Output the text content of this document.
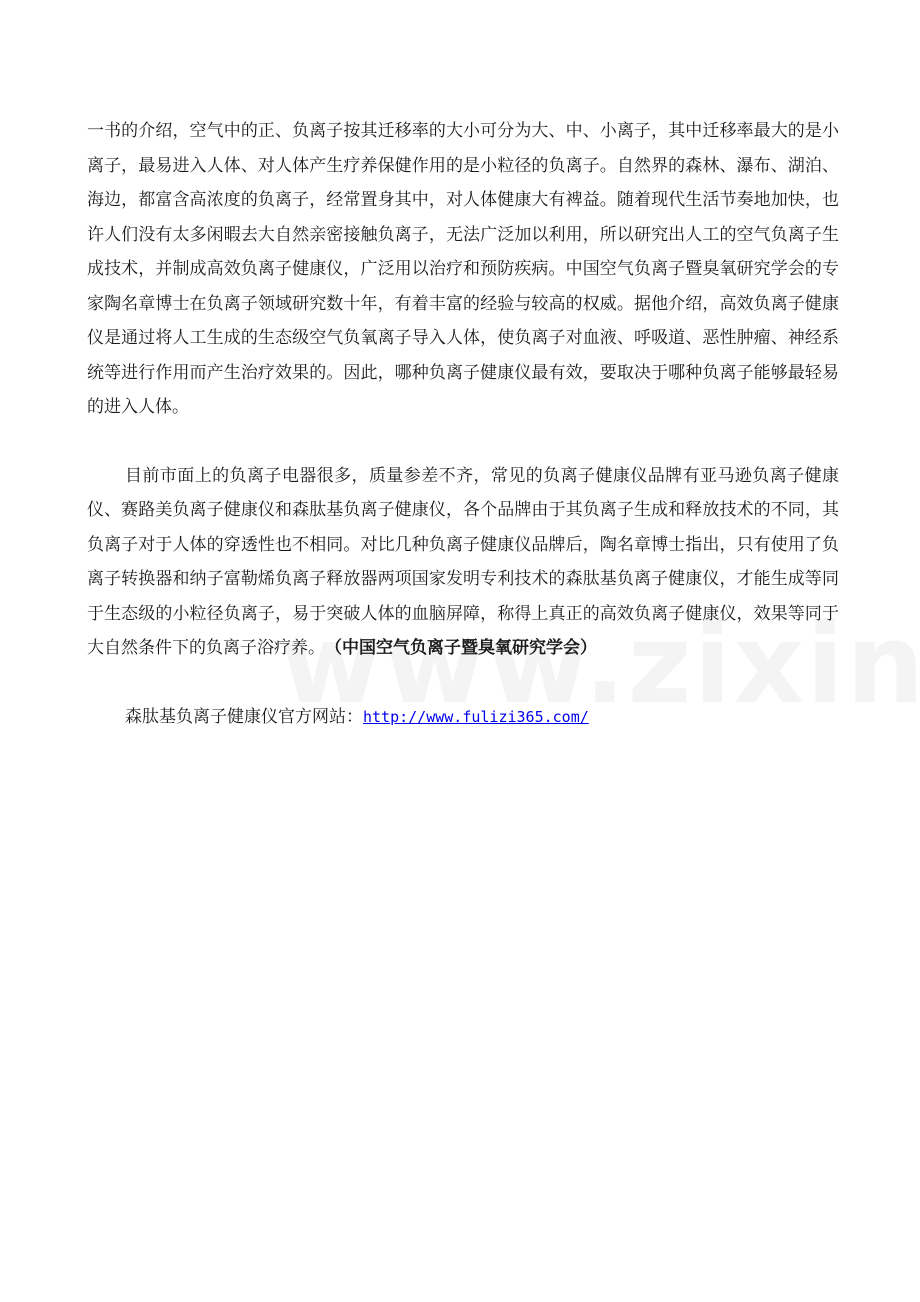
一书的介绍，空气中的正、负离子按其迁移率的大小可分为大、中、小离子，其中迁移率最大的是小离子，最易进入人体、对人体产生疗养保健作用的是小粒径的负离子。自然界的森林、瀑布、湖泊、海边，都富含高浓度的负离子，经常置身其中，对人体健康大有裨益。随着现代生活节奏地加快，也许人们没有太多闲暇去大自然亲密接触负离子，无法广泛加以利用，所以研究出人工的空气负离子生成技术，并制成高效负离子健康仪，广泛用以治疗和预防疾病。中国空气负离子暨臭氧研究学会的专家陶名章博士在负离子领域研究数十年，有着丰富的经验与较高的权威。据他介绍，高效负离子健康仪是通过将人工生成的生态级空气负氧离子导入人体，使负离子对血液、呼吸道、恶性肿瘤、神经系统等进行作用而产生治疗效果的。因此，哪种负离子健康仪最有效，要取决于哪种负离子能够最轻易的进入人体。

目前市面上的负离子电器很多，质量参差不齐，常见的负离子健康仪品牌有亚马逊负离子健康仪、赛路美负离子健康仪和森肽基负离子健康仪，各个品牌由于其负离子生成和释放技术的不同，其负离子对于人体的穿透性也不相同。对比几种负离子健康仪品牌后，陶名章博士指出，只有使用了负离子转换器和纳子富勒烯负离子释放器两项国家发明专利技术的森肽基负离子健康仪，才能生成等同于生态级的小粒径负离子，易于突破人体的血脑屏障，称得上真正的高效负离子健康仪，效果等同于大自然条件下的负离子浴疗养。　 （中国空气负离子暨臭氧研究学会）

森肽基负离子健康仪官方网站：http://www.fulizi365.com/
